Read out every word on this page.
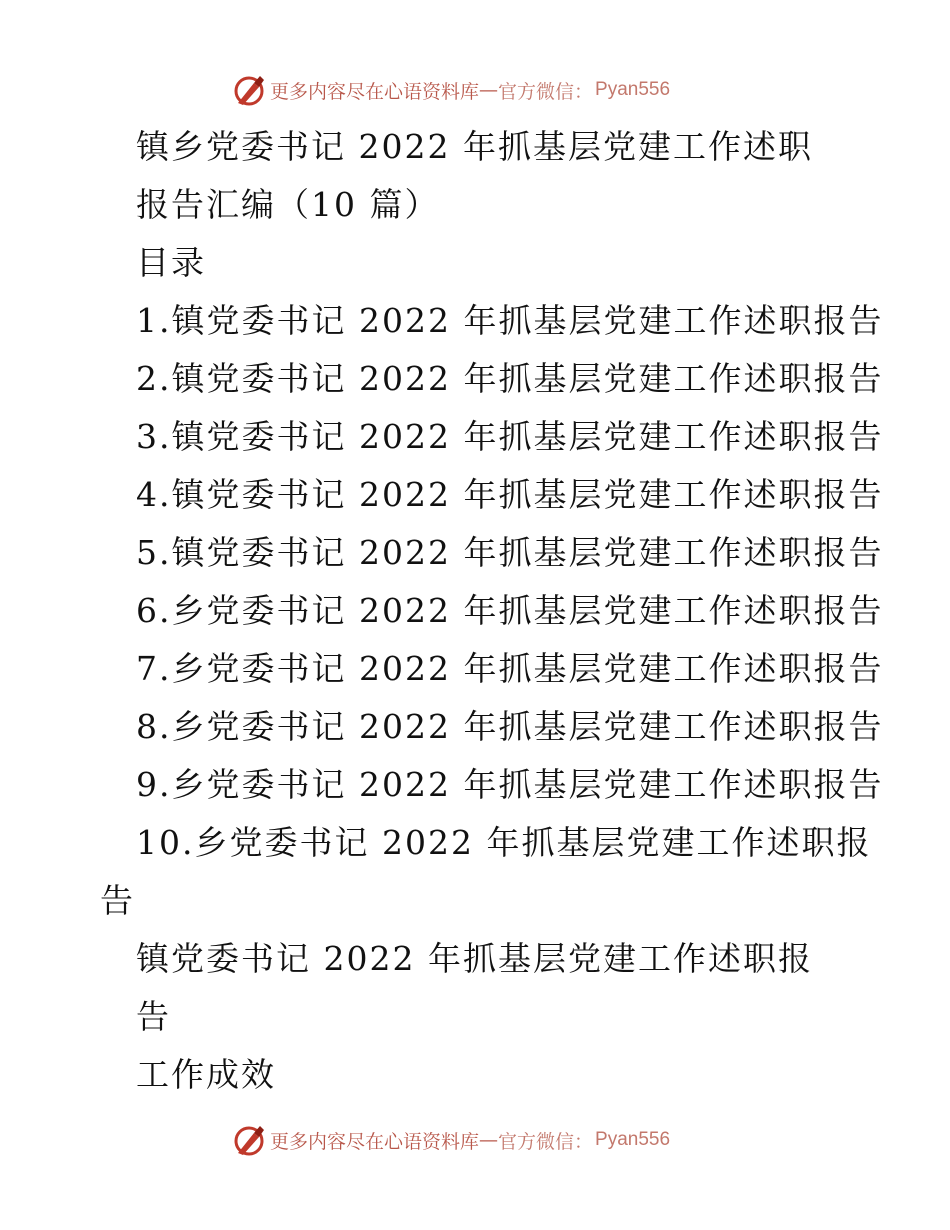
更多内容尽在心语资料库 — 官方微信： Pyan556
镇乡党委书记 2022 年抓基层党建工作述职
报告汇编（10 篇）
目录
1.镇党委书记 2022 年抓基层党建工作述职报告
2.镇党委书记 2022 年抓基层党建工作述职报告
3.镇党委书记 2022 年抓基层党建工作述职报告
4.镇党委书记 2022 年抓基层党建工作述职报告
5.镇党委书记 2022 年抓基层党建工作述职报告
6.乡党委书记 2022 年抓基层党建工作述职报告
7.乡党委书记 2022 年抓基层党建工作述职报告
8.乡党委书记 2022 年抓基层党建工作述职报告
9.乡党委书记 2022 年抓基层党建工作述职报告
10.乡党委书记 2022 年抓基层党建工作述职报
告
镇党委书记 2022 年抓基层党建工作述职报
告
工作成效
更多内容尽在心语资料库 — 官方微信： Pyan556
